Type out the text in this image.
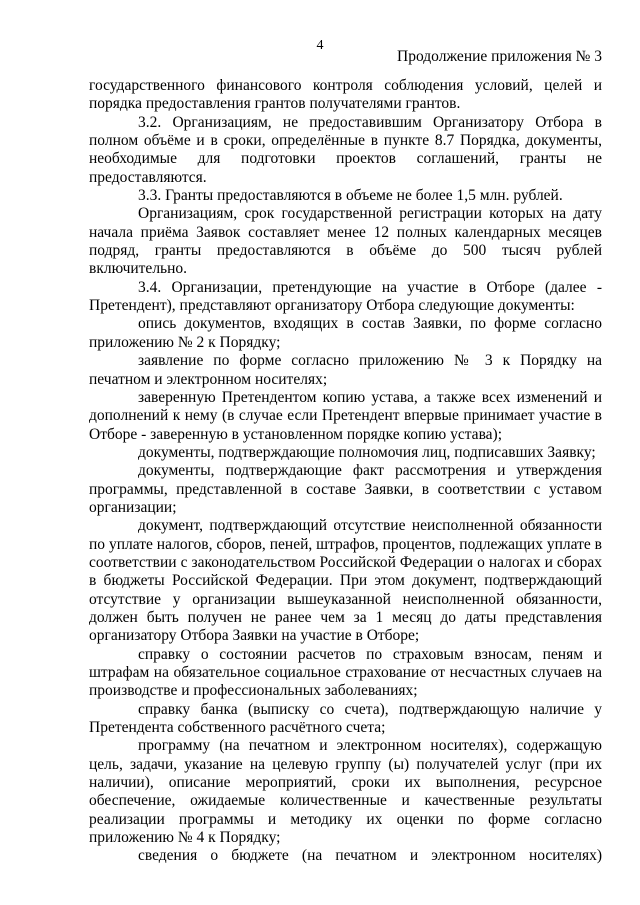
4
Продолжение приложения № 3

государственного финансового контроля соблюдения условий, целей и порядка предоставления грантов получателями грантов.

3.2. Организациям, не предоставившим Организатору Отбора в полном объёме и в сроки, определённые в пункте 8.7 Порядка, документы, необходимые для подготовки проектов соглашений, гранты не предоставляются.

3.3. Гранты предоставляются в объеме не более 1,5 млн. рублей.

Организациям, срок государственной регистрации которых на дату начала приёма Заявок составляет менее 12 полных календарных месяцев подряд, гранты предоставляются в объёме до 500 тысяч рублей включительно.

3.4. Организации, претендующие на участие в Отборе (далее - Претендент), представляют организатору Отбора следующие документы:

опись документов, входящих в состав Заявки, по форме согласно приложению № 2 к Порядку;

заявление по форме согласно приложению № 3 к Порядку на печатном и электронном носителях;

заверенную Претендентом копию устава, а также всех изменений и дополнений к нему (в случае если Претендент впервые принимает участие в Отборе - заверенную в установленном порядке копию устава);

документы, подтверждающие полномочия лиц, подписавших Заявку;

документы, подтверждающие факт рассмотрения и утверждения программы, представленной в составе Заявки, в соответствии с уставом организации;

документ, подтверждающий отсутствие неисполненной обязанности по уплате налогов, сборов, пеней, штрафов, процентов, подлежащих уплате в соответствии с законодательством Российской Федерации о налогах и сборах в бюджеты Российской Федерации. При этом документ, подтверждающий отсутствие у организации вышеуказанной неисполненной обязанности, должен быть получен не ранее чем за 1 месяц до даты представления организатору Отбора Заявки на участие в Отборе;

справку о состоянии расчетов по страховым взносам, пеням и штрафам на обязательное социальное страхование от несчастных случаев на производстве и профессиональных заболеваниях;

справку банка (выписку со счета), подтверждающую наличие у Претендента собственного расчётного счета;

программу (на печатном и электронном носителях), содержащую цель, задачи, указание на целевую группу (ы) получателей услуг (при их наличии), описание мероприятий, сроки их выполнения, ресурсное обеспечение, ожидаемые количественные и качественные результаты реализации программы и методику их оценки по форме согласно приложению № 4 к Порядку;

сведения о бюджете (на печатном и электронном носителях)
